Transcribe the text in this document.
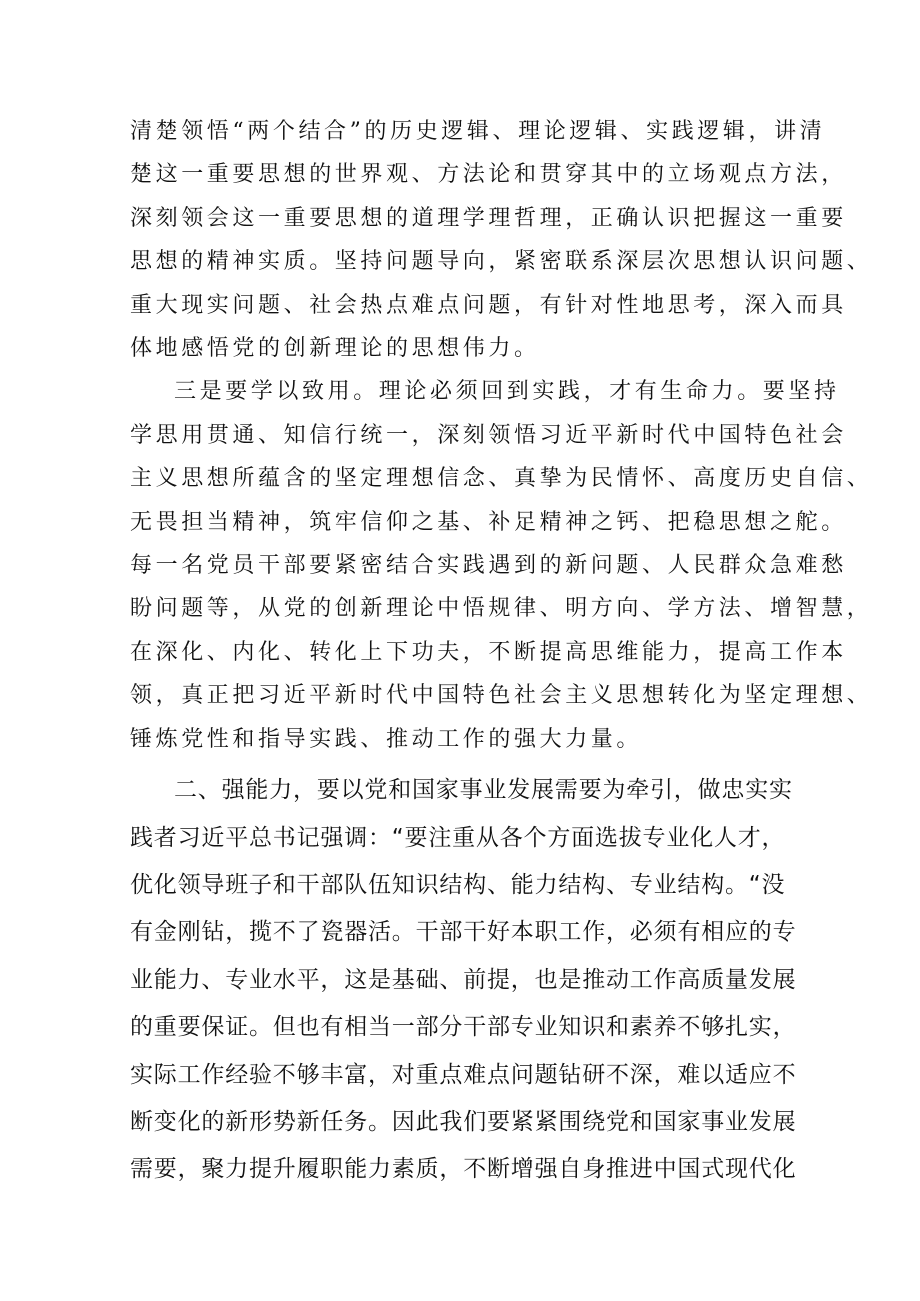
清楚领悟“两个结合”的历史逻辑、理论逻辑、实践逻辑，讲清
楚这一重要思想的世界观、方法论和贯穿其中的立场观点方法，
深刻领会这一重要思想的道理学理哲理，正确认识把握这一重要
思想的精神实质。坚持问题导向，紧密联系深层次思想认识问题、
重大现实问题、社会热点难点问题，有针对性地思考，深入而具
体地感悟党的创新理论的思想伟力。
三是要学以致用。理论必须回到实践，才有生命力。要坚持
学思用贯通、知信行统一，深刻领悟习近平新时代中国特色社会
主义思想所蕴含的坚定理想信念、真挚为民情怀、高度历史自信、
无畏担当精神，筑牢信仰之基、补足精神之钙、把稳思想之舵。
每一名党员干部要紧密结合实践遇到的新问题、人民群众急难愁
盼问题等，从党的创新理论中悟规律、明方向、学方法、增智慧，
在深化、内化、转化上下功夫，不断提高思维能力，提高工作本
领，真正把习近平新时代中国特色社会主义思想转化为坚定理想、
锤炼党性和指导实践、推动工作的强大力量。
二、强能力，要以党和国家事业发展需要为牵引，做忠实实
践者习近平总书记强调：“要注重从各个方面选拔专业化人才，
优化领导班子和干部队伍知识结构、能力结构、专业结构。“没
有金刚钻，揽不了瓷器活。干部干好本职工作，必须有相应的专
业能力、专业水平，这是基础、前提，也是推动工作高质量发展
的重要保证。但也有相当一部分干部专业知识和素养不够扎实，
实际工作经验不够丰富，对重点难点问题钻研不深，难以适应不
断变化的新形势新任务。因此我们要紧紧围绕党和国家事业发展
需要，聚力提升履职能力素质，不断增强自身推进中国式现代化
